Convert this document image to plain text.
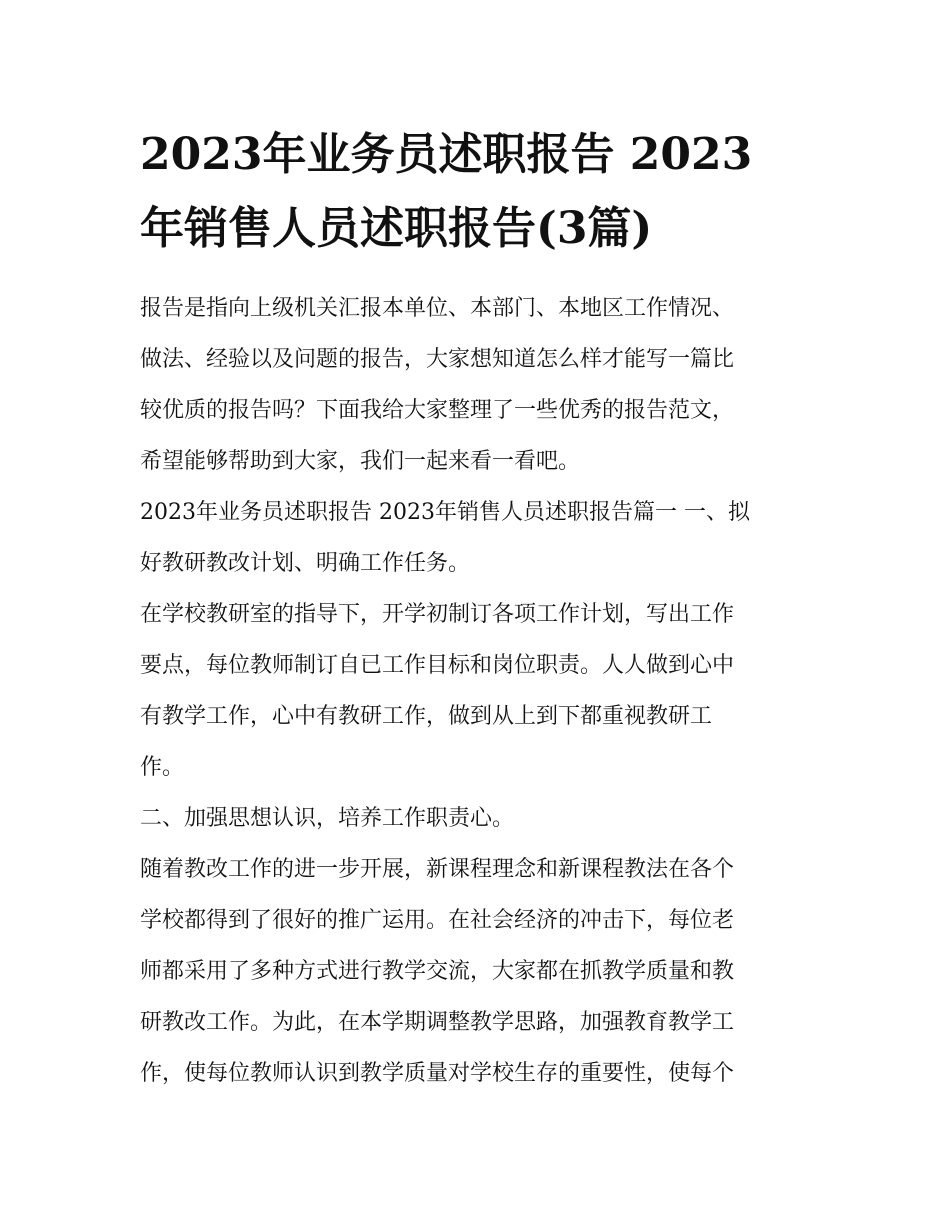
2023年业务员述职报告 2023
年销售人员述职报告(3篇)

报告是指向上级机关汇报本单位、本部门、本地区工作情况、
做法、经验以及问题的报告，大家想知道怎么样才能写一篇比
较优质的报告吗？下面我给大家整理了一些优秀的报告范文，
希望能够帮助到大家，我们一起来看一看吧。

2023年业务员述职报告 2023年销售人员述职报告篇一 一、拟
好教研教改计划、明确工作任务。

在学校教研室的指导下，开学初制订各项工作计划，写出工作
要点，每位教师制订自已工作目标和岗位职责。人人做到心中
有教学工作，心中有教研工作，做到从上到下都重视教研工
作。

二、加强思想认识，培养工作职责心。

随着教改工作的进一步开展，新课程理念和新课程教法在各个
学校都得到了很好的推广运用。在社会经济的冲击下，每位老
师都采用了多种方式进行教学交流，大家都在抓教学质量和教
研教改工作。为此，在本学期调整教学思路，加强教育教学工
作，使每位教师认识到教学质量对学校生存的重要性，使每个
